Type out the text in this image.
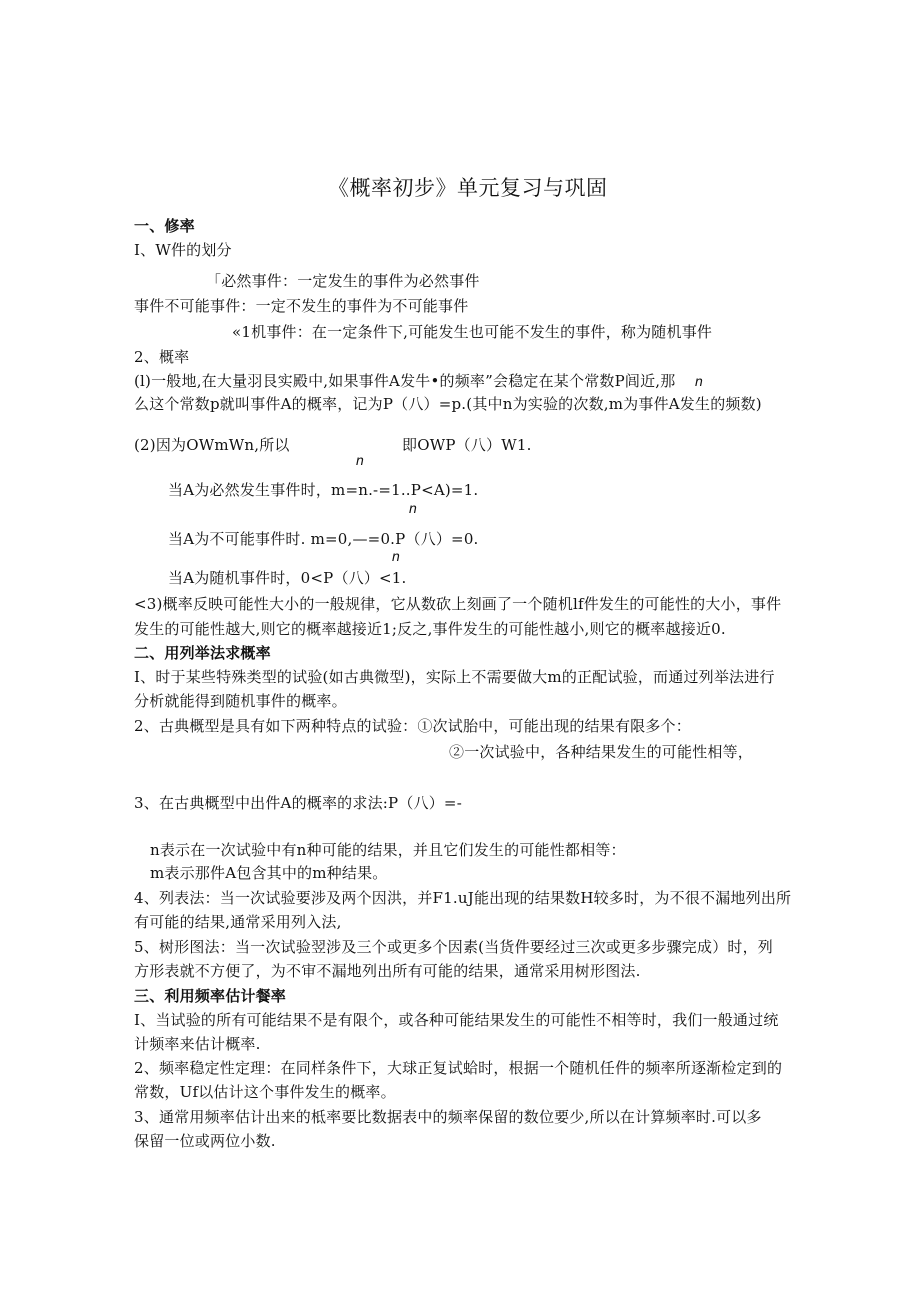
《概率初步》单元复习与巩固
一、修率
I、W件的划分
「必然事件：一定发生的事件为必然事件
事件不可能事件：一定不发生的事件为不可能事件
«1机事件：在一定条件下,可能发生也可能不发生的事件，称为随机事件
2、概率
(l)一般地,在大量羽艮实殿中,如果事件A发牛•的频率”会稳定在某个常数P闾近,那 n
么这个常数p就叫事件A的概率，记为P（八）=p.(其中n为实验的次数,m为事件A发生的频数)
(2)因为OWmWn,所以	即OWP（八）W1.
n
当A为必然发生事件时，m=n.-=1..P<A)=1.
n
当A为不可能事件时. m=0,—=0.P（八）=0.
n
当A为随机事件时，0<P（八）<1.
<3)概率反映可能性大小的一般规律，它从数砍上刻画了一个随机lf件发生的可能性的大小，事件
发生的可能性越大,则它的概率越接近1;反之,事件发生的可能性越小,则它的概率越接近0.
二、用列举法求概率
I、时于某些特殊类型的试验(如古典微型)，实际上不需要做大m的正配试验，而通过列举法进行
分析就能得到随机事件的概率。
2、古典概型是具有如下两种特点的试验：①次试胎中，可能出现的结果有限多个：
②一次试验中，各种结果发生的可能性相等，
3、在古典概型中出件A的概率的求法:P（八）=-
n表示在一次试验中有n种可能的结果，并且它们发生的可能性都相等：
m表示那件A包含其中的m种结果。
4、列表法：当一次试验要涉及两个因洪，并F1.uJ能出现的结果数H较多时，为不很不漏地列出所
有可能的结果,通常采用列入法,
5、树形图法：当一次试验翌涉及三个或更多个因素(当货件要经过三次或更多步骤完成）时，列
方形表就不方便了，为不审不漏地列出所有可能的结果，通常采用树形图法.
三、利用频率估计餐率
I、当试验的所有可能结果不是有限个，或各种可能结果发生的可能性不相等时，我们一般通过统
计频率来估计概率.
2、频率稳定性定理：在同样条件下，大球正复试蛤时，根据一个随机任件的频率所逐渐检定到的
常数，Uf以估计这个事件发生的概率。
3、通常用频率估计出来的柢率要比数据表中的频率保留的数位要少,所以在计算频率时.可以多
保留一位或两位小数.
